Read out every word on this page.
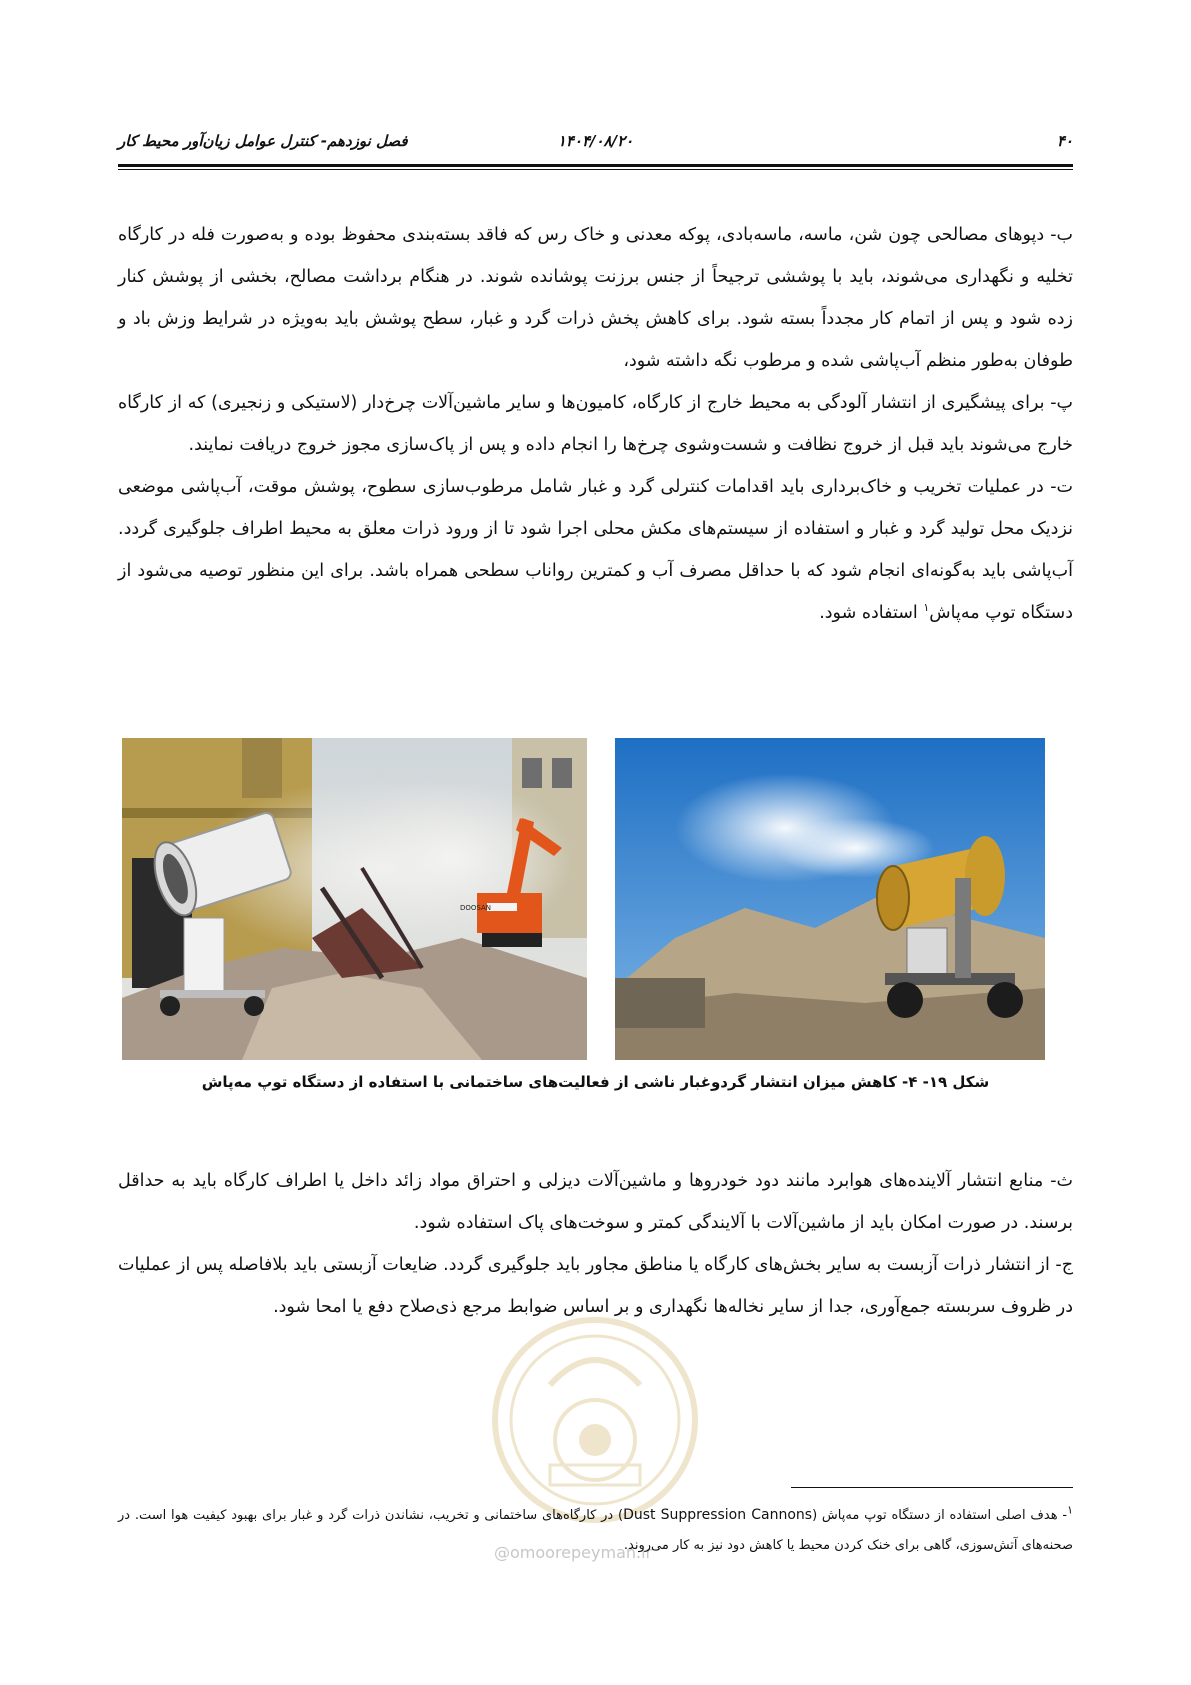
۴۰
۱۴۰۴/۰۸/۲۰
فصل نوزدهم- کنترل عوامل زیان‌آور محیط کار

ب- دپوهای مصالحی چون شن، ماسه، ماسه‌بادی، پوکه معدنی و خاک رس که فاقد بسته‌بندی محفوظ بوده و به‌صورت فله در کارگاه تخلیه و نگهداری می‌شوند، باید با پوششی ترجیحاً از جنس برزنت پوشانده شوند. در هنگام برداشت مصالح، بخشی از پوشش کنار زده شود و پس از اتمام کار مجدداً بسته شود. برای کاهش پخش ذرات گرد و غبار، سطح پوشش باید به‌ویژه در شرایط وزش باد و طوفان به‌طور منظم آب‌پاشی شده و مرطوب نگه داشته شود،

پ- برای پیشگیری از انتشار آلودگی به محیط خارج از کارگاه، کامیون‌ها و سایر ماشین‌آلات چرخ‌دار (لاستیکی و زنجیری) که از کارگاه خارج می‌شوند باید قبل از خروج نظافت و شست‌وشوی چرخ‌ها را انجام داده و پس از پاک‌سازی مجوز خروج دریافت نمایند.

ت- در عملیات تخریب و خاک‌برداری باید اقدامات کنترلی گرد و غبار شامل مرطوب‌سازی سطوح، پوشش موقت، آب‌پاشی موضعی نزدیک محل تولید گرد و غبار و استفاده از سیستم‌های مکش محلی اجرا شود تا از ورود ذرات معلق به محیط اطراف جلوگیری گردد. آب‌پاشی باید به‌گونه‌ای انجام شود که با حداقل مصرف آب و کمترین رواناب سطحی همراه باشد. برای این منظور توصیه می‌شود از دستگاه توپ مه‌پاش$^۱$ استفاده شود.

DOOSAN
شکل ۱۹- ۴- کاهش میزان انتشار گردوغبار ناشی از فعالیت‌های ساختمانی با استفاده از دستگاه توپ مه‌پاش

ث- منابع انتشار آلاینده‌های هوابرد مانند دود خودروها و ماشین‌آلات دیزلی و احتراق مواد زائد داخل یا اطراف کارگاه باید به حداقل برسند. در صورت امکان باید از ماشین‌آلات با آلایندگی کمتر و سوخت‌های پاک استفاده شود.

ج- از انتشار ذرات آزبست به سایر بخش‌های کارگاه یا مناطق مجاور باید جلوگیری گردد. ضایعات آزبستی باید بلافاصله پس از عملیات در ظروف سربسته جمع‌آوری، جدا از سایر نخاله‌ها نگهداری و بر اساس ضوابط مرجع ذی‌صلاح دفع یا امحا شود.

@omoorepeyman.ir
$^۱$- هدف اصلی استفاده از دستگاه توپ مه‌پاش (Dust Suppression Cannons) در کارگاه‌های ساختمانی و تخریب، نشاندن ذرات گرد و غبار برای بهبود کیفیت هوا است. در صحنه‌های آتش‌سوزی، گاهی برای خنک کردن محیط یا کاهش دود نیز به کار می‌روند.
